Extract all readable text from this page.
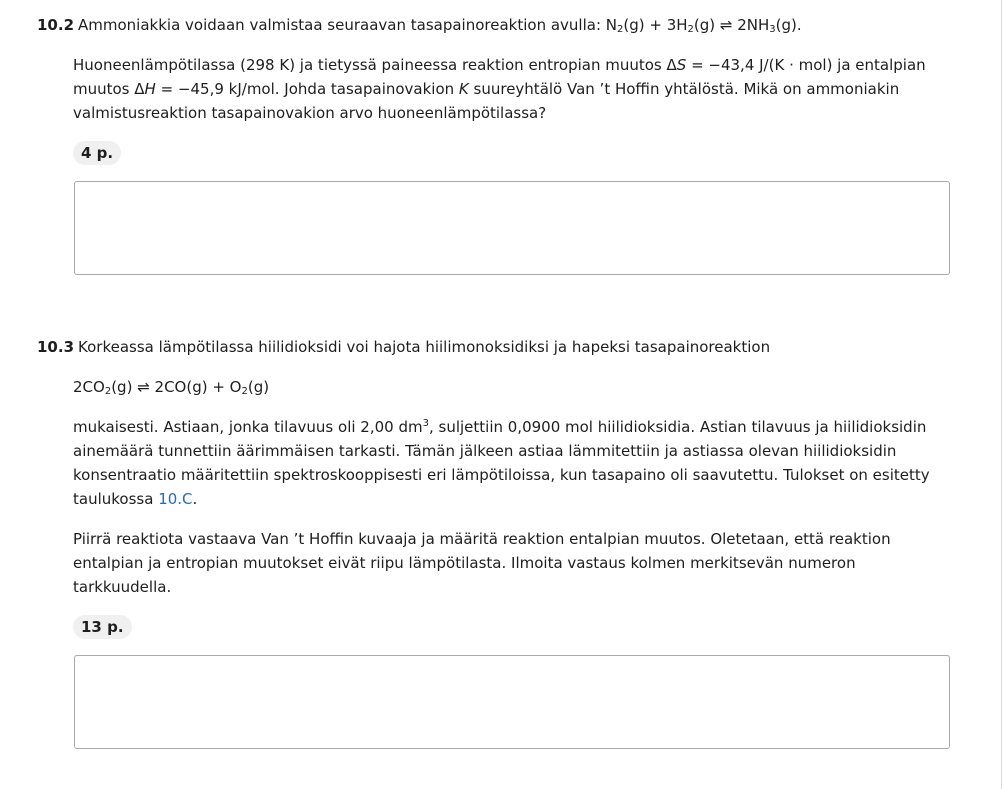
10.2 Ammoniakkia voidaan valmistaa seuraavan tasapainoreaktion avulla: $N_2(g) + 3H_2(g)$ ⇌ $2NH_3(g)$.

Huoneenlämpötilassa (298 K) ja tietyssä paineessa reaktion entropian muutos ΔS = −43,4 J/(K · mol) ja entalpian muutos ΔH = −45,9 kJ/mol. Johda tasapainovakion K suureyhtälö Van ’t Hoffin yhtälöstä. Mikä on ammoniakin valmistusreaktion tasapainovakion arvo huoneenlämpötilassa?

4 p.
10.3 Korkeassa lämpötilassa hiilidioksidi voi hajota hiilimonoksidiksi ja hapeksi tasapainoreaktion
$2CO_2(g)$ ⇌ $2CO(g) + O_2(g)$

mukaisesti. Astiaan, jonka tilavuus oli 2,00 $dm^3$, suljettiin 0,0900 mol hiilidioksidia. Astian tilavuus ja hiilidioksidin ainemäärä tunnettiin äärimmäisen tarkasti. Tämän jälkeen astiaa lämmitettiin ja astiassa olevan hiilidioksidin konsentraatio määritettiin spektroskooppisesti eri lämpötiloissa, kun tasapaino oli saavutettu. Tulokset on esitetty taulukossa 10.C.

Piirrä reaktiota vastaava Van ’t Hoffin kuvaaja ja määritä reaktion entalpian muutos. Oletetaan, että reaktion entalpian ja entropian muutokset eivät riipu lämpötilasta. Ilmoita vastaus kolmen merkitsevän numeron tarkkuudella.

13 p.
